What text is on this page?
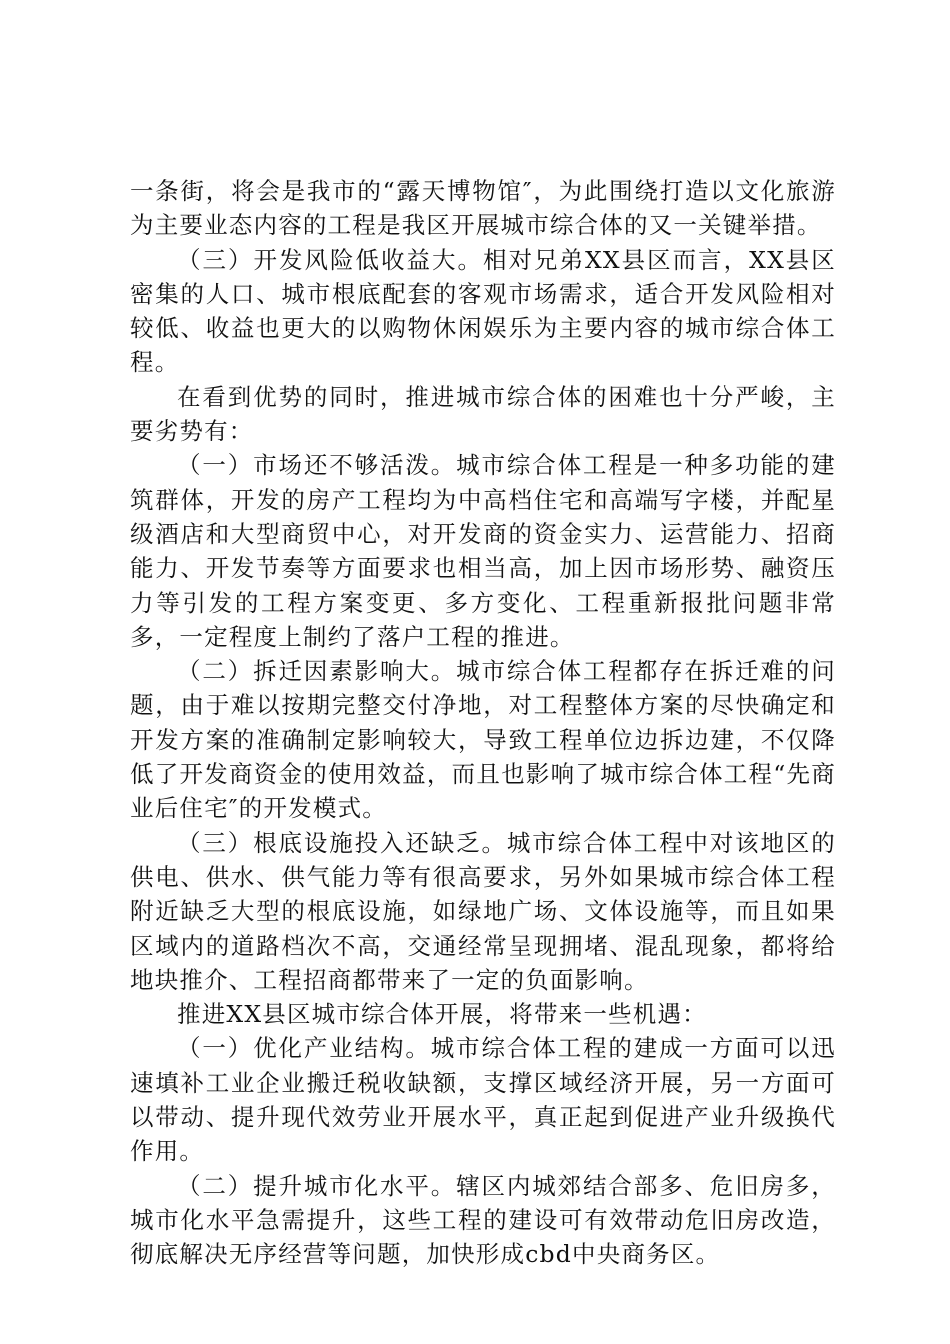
一条街，将会是我市的“露天博物馆″，为此围绕打造以文化旅游为主要业态内容的工程是我区开展城市综合体的又一关键举措。

（三）开发风险低收益大。相对兄弟XX县区而言，XX县区密集的人口、城市根底配套的客观市场需求，适合开发风险相对较低、收益也更大的以购物休闲娱乐为主要内容的城市综合体工程。

在看到优势的同时，推进城市综合体的困难也十分严峻，主要劣势有：

（一）市场还不够活泼。城市综合体工程是一种多功能的建筑群体，开发的房产工程均为中高档住宅和高端写字楼，并配星级酒店和大型商贸中心，对开发商的资金实力、运营能力、招商能力、开发节奏等方面要求也相当高，加上因市场形势、融资压力等引发的工程方案变更、多方变化、工程重新报批问题非常多，一定程度上制约了落户工程的推进。

（二）拆迁因素影响大。城市综合体工程都存在拆迁难的问题，由于难以按期完整交付净地，对工程整体方案的尽快确定和开发方案的准确制定影响较大，导致工程单位边拆边建，不仅降低了开发商资金的使用效益，而且也影响了城市综合体工程“先商业后住宅″的开发模式。

（三）根底设施投入还缺乏。城市综合体工程中对该地区的供电、供水、供气能力等有很高要求，另外如果城市综合体工程附近缺乏大型的根底设施，如绿地广场、文体设施等，而且如果区域内的道路档次不高，交通经常呈现拥堵、混乱现象，都将给地块推介、工程招商都带来了一定的负面影响。

推进XX县区城市综合体开展，将带来一些机遇：

（一）优化产业结构。城市综合体工程的建成一方面可以迅速填补工业企业搬迁税收缺额，支撑区域经济开展，另一方面可以带动、提升现代效劳业开展水平，真正起到促进产业升级换代作用。

（二）提升城市化水平。辖区内城郊结合部多、危旧房多，城市化水平急需提升，这些工程的建设可有效带动危旧房改造，彻底解决无序经营等问题，加快形成cbd中央商务区。
